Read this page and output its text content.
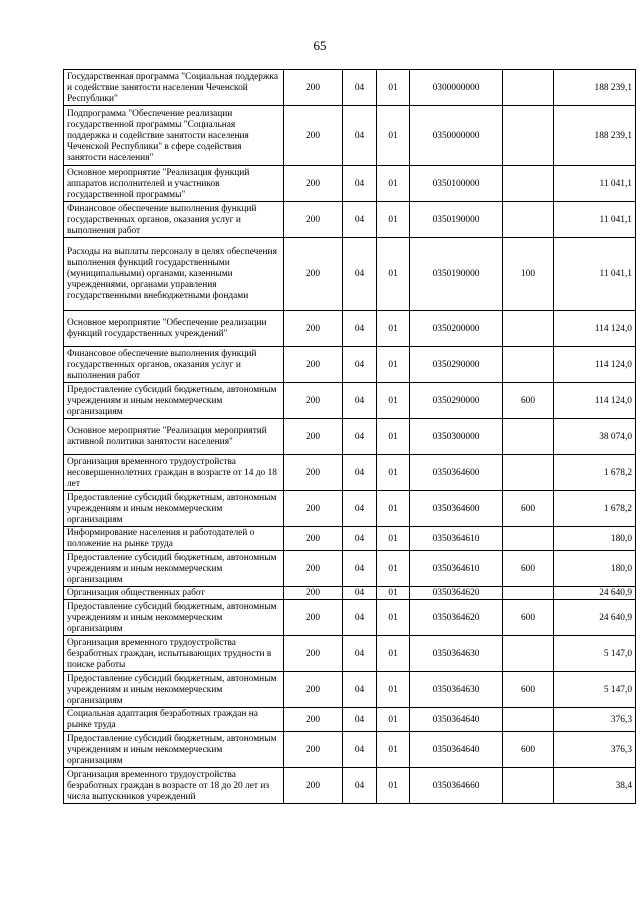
65
Государственная программа "Социальная поддержка и содействие занятости населения Чеченской Республики"	200	04	01	0300000000		188 239,1
Подпрограмма "Обеспечение реализации государственной программы "Социальная поддержка и содействие занятости населения Чеченской Республики" в сфере содействия занятости населения"	200	04	01	0350000000		188 239,1
Основное мероприятие "Реализация функций аппаратов исполнителей и участников государственной программы"	200	04	01	0350100000		11 041,1
Финансовое обеспечение выполнения функций государственных органов, оказания услуг и выполнения работ	200	04	01	0350190000		11 041,1
Расходы на выплаты персоналу в целях обеспечения выполнения функций государственными (муниципальными) органами, казенными учреждениями, органами управления государственными внебюджетными фондами	200	04	01	0350190000	100	11 041,1
Основное мероприятие "Обеспечение реализации функций государственных учреждений"	200	04	01	0350200000		114 124,0
Финансовое обеспечение выполнения функций государственных органов, оказания услуг и выполнения работ	200	04	01	0350290000		114 124,0
Предоставление субсидий бюджетным, автономным учреждениям и иным некоммерческим организациям	200	04	01	0350290000	600	114 124,0
Основное мероприятие "Реализация мероприятий активной политики занятости населения"	200	04	01	0350300000		38 074,0
Организация временного трудоустройства несовершеннолетних граждан в возрасте от 14 до 18 лет	200	04	01	0350364600		1 678,2
Предоставление субсидий бюджетным, автономным учреждениям и иным некоммерческим организациям	200	04	01	0350364600	600	1 678,2
Информирование населения и работодателей о положение на рынке труда	200	04	01	0350364610		180,0
Предоставление субсидий бюджетным, автономным учреждениям и иным некоммерческим организациям	200	04	01	0350364610	600	180,0
Организация общественных работ	200	04	01	0350364620		24 640,9
Предоставление субсидий бюджетным, автономным учреждениям и иным некоммерческим организациям	200	04	01	0350364620	600	24 640,9
Организация временного трудоустройства безработных граждан, испытывающих трудности в поиске работы	200	04	01	0350364630		5 147,0
Предоставление субсидий бюджетным, автономным учреждениям и иным некоммерческим организациям	200	04	01	0350364630	600	5 147,0
Социальная адаптация безработных граждан на рынке труда	200	04	01	0350364640		376,3
Предоставление субсидий бюджетным, автономным учреждениям и иным некоммерческим организациям	200	04	01	0350364640	600	376,3
Организация временного трудоустройства безработных граждан в возрасте от 18 до 20 лет из числа выпускников учреждений	200	04	01	0350364660		38,4
